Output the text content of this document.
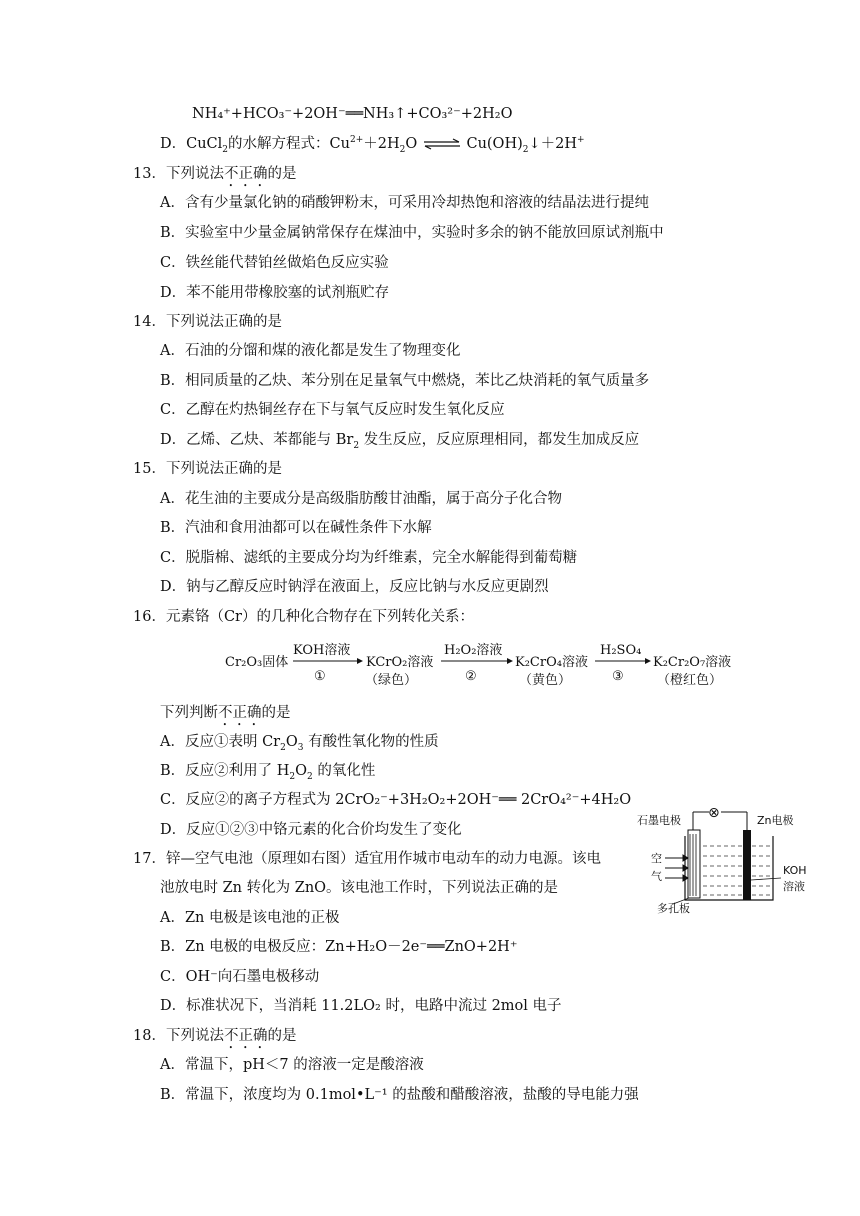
NH₄⁺+HCO₃⁻+2OH⁻══NH₃↑+CO₃²⁻+2H₂O
D．CuCl$_2$的水解方程式：$Cu^{2+}+2H_2O$ ⇌ $Cu(OH)_2↓+2H^+$
13．下列说法不正确的是
A．含有少量氯化钠的硝酸钾粉末，可采用冷却热饱和溶液的结晶法进行提纯
B．实验室中少量金属钠常保存在煤油中，实验时多余的钠不能放回原试剂瓶中
C．铁丝能代替铂丝做焰色反应实验
D．苯不能用带橡胶塞的试剂瓶贮存
14．下列说法正确的是
A．石油的分馏和煤的液化都是发生了物理变化
B．相同质量的乙炔、苯分别在足量氧气中燃烧，苯比乙炔消耗的氧气质量多
C．乙醇在灼热铜丝存在下与氧气反应时发生氧化反应
D．乙烯、乙炔、苯都能与 $Br_2$ 发生反应，反应原理相同，都发生加成反应
15．下列说法正确的是
A．花生油的主要成分是高级脂肪酸甘油酯，属于高分子化合物
B．汽油和食用油都可以在碱性条件下水解
C．脱脂棉、滤纸的主要成分均为纤维素，完全水解能得到葡萄糖
D．钠与乙醇反应时钠浮在液面上，反应比钠与水反应更剧烈
16．元素铬（Cr）的几种化合物存在下列转化关系：
Cr₂O₃固体
KOH溶液
①
KCrO₂溶液
（绿色）
H₂O₂溶液
②
K₂CrO₄溶液
（黄色）
H₂SO₄
③
K₂Cr₂O₇溶液
（橙红色）
下列判断不正确的是
A．反应①表明 $Cr_2O_3$ 有酸性氧化物的性质
B．反应②利用了 $H_2O_2$ 的氧化性
C．反应②的离子方程式为 2CrO₂⁻+3H₂O₂+2OH⁻══ 2CrO₄²⁻+4H₂O
D．反应①②③中铬元素的化合价均发生了变化
石墨电极	Zn电极
空
气	KOH
溶液
多孔板
⊗
17．锌—空气电池（原理如右图）适宜用作城市电动车的动力电源。该电
池放电时 Zn 转化为 ZnO。该电池工作时，下列说法正确的是
A．Zn 电极是该电池的正极
B．Zn 电极的电极反应：Zn+H₂O－2e⁻══ZnO+2H⁺
C．OH⁻向石墨电极移动
D．标准状况下，当消耗 11.2LO₂ 时，电路中流过 2mol 电子
18．下列说法不正确的是
A．常温下，pH＜7 的溶液一定是酸溶液
B．常温下，浓度均为 0.1mol•L⁻¹ 的盐酸和醋酸溶液，盐酸的导电能力强
